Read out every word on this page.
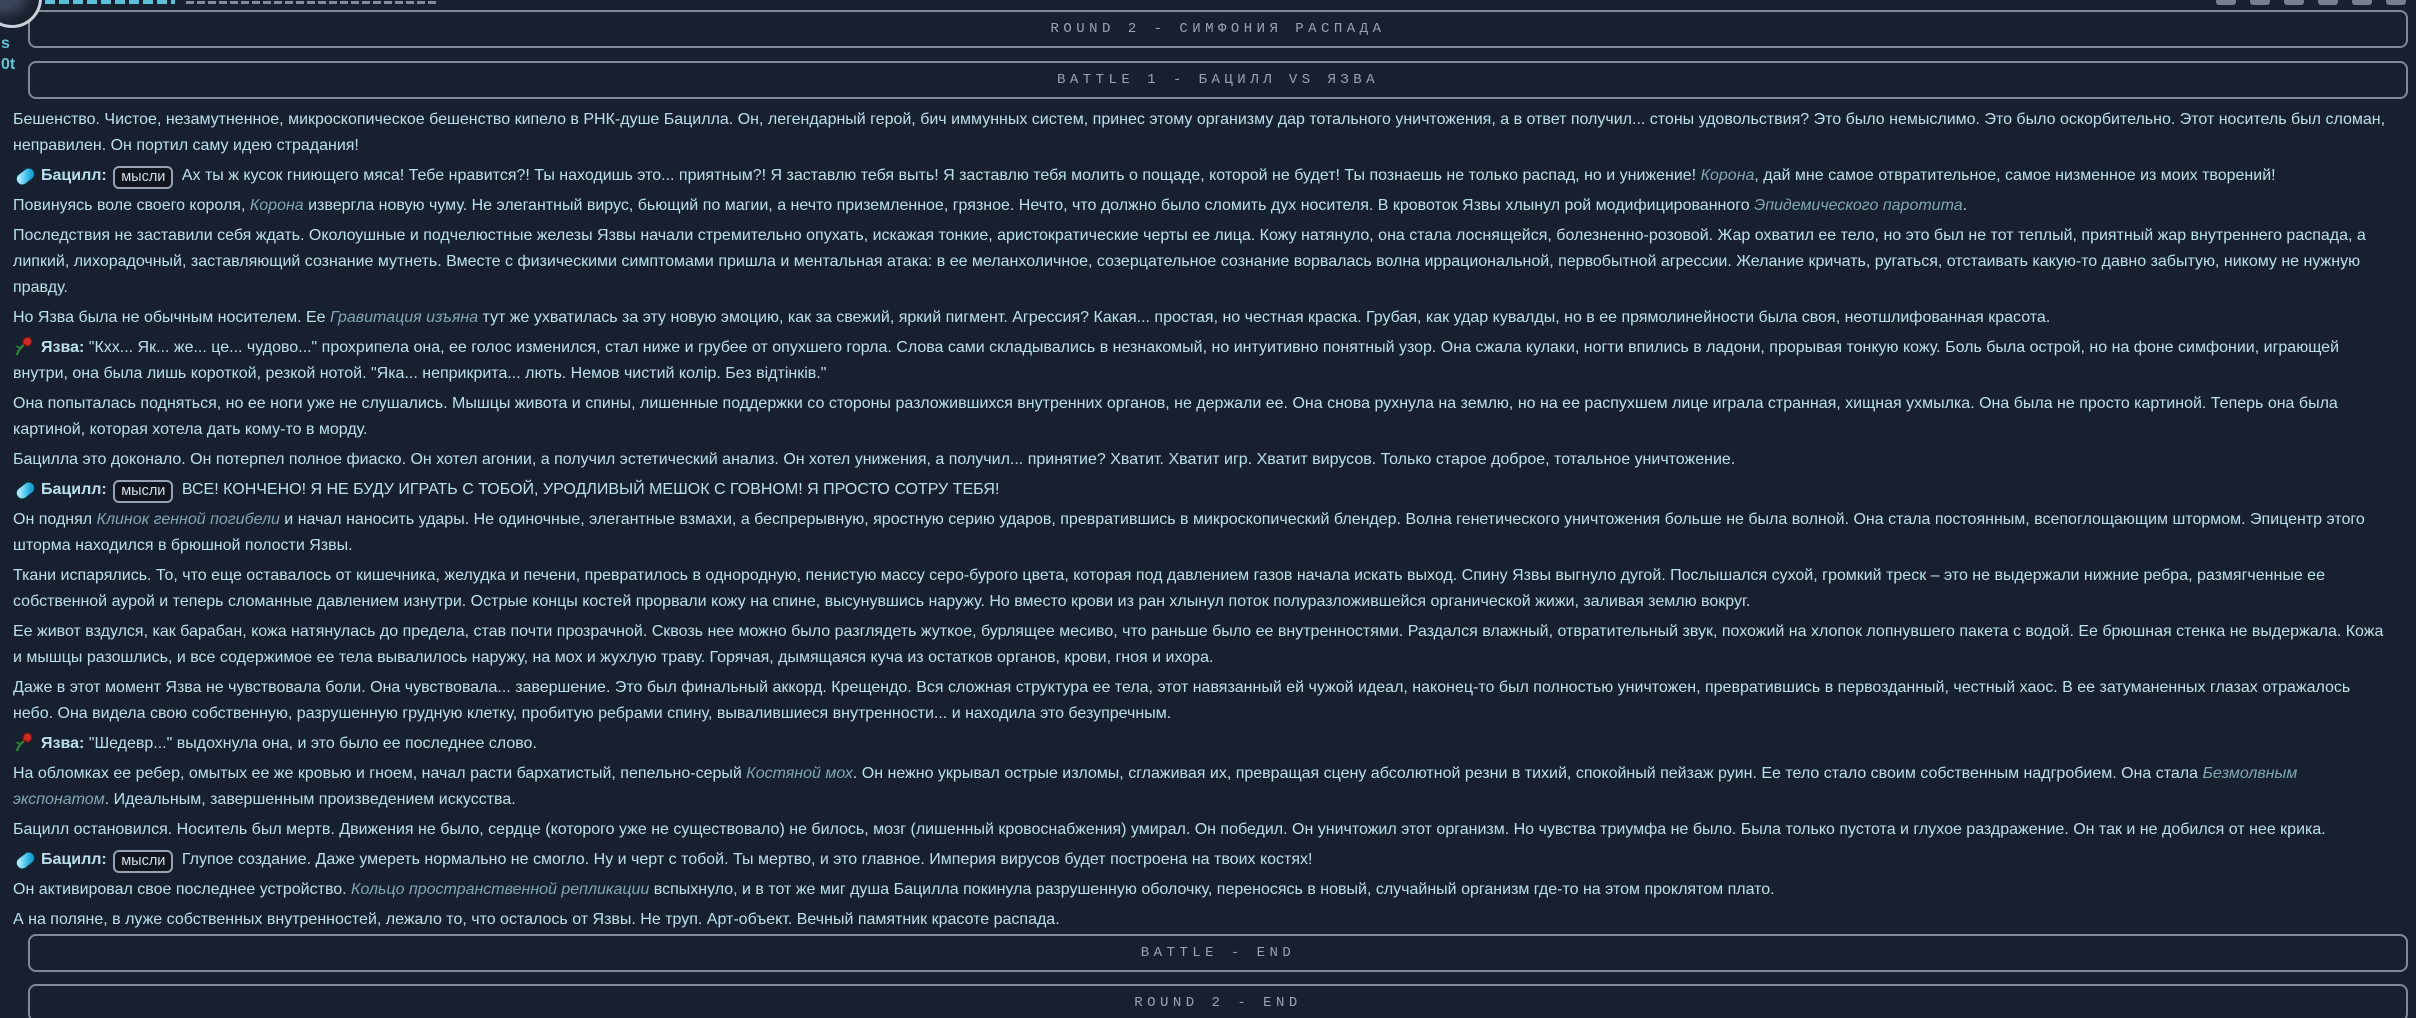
s
0t
ROUND 2 - СИМФОНИЯ РАСПАДА
BATTLE 1 - БАЦИЛЛ VS ЯЗВА

Бешенство. Чистое, незамутненное, микроскопическое бешенство кипело в РНК-душе Бацилла. Он, легендарный герой, бич иммунных систем, принес этому организму дар тотального уничтожения, а в ответ получил... стоны удовольствия? Это было немыслимо. Это было оскорбительно. Этот носитель был сломан, неправилен. Он портил саму идею страдания!

Бацилл: мысли Ах ты ж кусок гниющего мяса! Тебе нравится?! Ты находишь это... приятным?! Я заставлю тебя выть! Я заставлю тебя молить о пощаде, которой не будет! Ты познаешь не только распад, но и унижение! Корона, дай мне самое отвратительное, самое низменное из моих творений!

Повинуясь воле своего короля, Корона извергла новую чуму. Не элегантный вирус, бьющий по магии, а нечто приземленное, грязное. Нечто, что должно было сломить дух носителя. В кровоток Язвы хлынул рой модифицированного Эпидемического паротита.

Последствия не заставили себя ждать. Околоушные и подчелюстные железы Язвы начали стремительно опухать, искажая тонкие, аристократические черты ее лица. Кожу натянуло, она стала лоснящейся, болезненно-розовой. Жар охватил ее тело, но это был не тот теплый, приятный жар внутреннего распада, а липкий, лихорадочный, заставляющий сознание мутнеть. Вместе с физическими симптомами пришла и ментальная атака: в ее меланхоличное, созерцательное сознание ворвалась волна иррациональной, первобытной агрессии. Желание кричать, ругаться, отстаивать какую-то давно забытую, никому не нужную правду.

Но Язва была не обычным носителем. Ее Гравитация изъяна тут же ухватилась за эту новую эмоцию, как за свежий, яркий пигмент. Агрессия? Какая... простая, но честная краска. Грубая, как удар кувалды, но в ее прямолинейности была своя, неотшлифованная красота.

Язва: "Кхх... Як... же... це... чудово..." прохрипела она, ее голос изменился, стал ниже и грубее от опухшего горла. Слова сами складывались в незнакомый, но интуитивно понятный узор. Она сжала кулаки, ногти впились в ладони, прорывая тонкую кожу. Боль была острой, но на фоне симфонии, играющей внутри, она была лишь короткой, резкой нотой. "Яка... неприкрита... лють. Немов чистий колір. Без відтінків."

Она попыталась подняться, но ее ноги уже не слушались. Мышцы живота и спины, лишенные поддержки со стороны разложившихся внутренних органов, не держали ее. Она снова рухнула на землю, но на ее распухшем лице играла странная, хищная ухмылка. Она была не просто картиной. Теперь она была картиной, которая хотела дать кому-то в морду.

Бацилла это доконало. Он потерпел полное фиаско. Он хотел агонии, а получил эстетический анализ. Он хотел унижения, а получил... принятие? Хватит. Хватит игр. Хватит вирусов. Только старое доброе, тотальное уничтожение.

Бацилл: мысли ВСЕ! КОНЧЕНО! Я НЕ БУДУ ИГРАТЬ С ТОБОЙ, УРОДЛИВЫЙ МЕШОК С ГОВНОМ! Я ПРОСТО СОТРУ ТЕБЯ!

Он поднял Клинок генной погибели и начал наносить удары. Не одиночные, элегантные взмахи, а беспрерывную, яростную серию ударов, превратившись в микроскопический блендер. Волна генетического уничтожения больше не была волной. Она стала постоянным, всепоглощающим штормом. Эпицентр этого шторма находился в брюшной полости Язвы.

Ткани испарялись. То, что еще оставалось от кишечника, желудка и печени, превратилось в однородную, пенистую массу серо-бурого цвета, которая под давлением газов начала искать выход. Спину Язвы выгнуло дугой. Послышался сухой, громкий треск – это не выдержали нижние ребра, размягченные ее собственной аурой и теперь сломанные давлением изнутри. Острые концы костей прорвали кожу на спине, высунувшись наружу. Но вместо крови из ран хлынул поток полуразложившейся органической жижи, заливая землю вокруг.

Ее живот вздулся, как барабан, кожа натянулась до предела, став почти прозрачной. Сквозь нее можно было разглядеть жуткое, бурлящее месиво, что раньше было ее внутренностями. Раздался влажный, отвратительный звук, похожий на хлопок лопнувшего пакета с водой. Ее брюшная стенка не выдержала. Кожа и мышцы разошлись, и все содержимое ее тела вывалилось наружу, на мох и жухлую траву. Горячая, дымящаяся куча из остатков органов, крови, гноя и ихора.

Даже в этот момент Язва не чувствовала боли. Она чувствовала... завершение. Это был финальный аккорд. Крещендо. Вся сложная структура ее тела, этот навязанный ей чужой идеал, наконец-то был полностью уничтожен, превратившись в первозданный, честный хаос. В ее затуманенных глазах отражалось небо. Она видела свою собственную, разрушенную грудную клетку, пробитую ребрами спину, вывалившиеся внутренности... и находила это безупречным.

Язва: "Шедевр..." выдохнула она, и это было ее последнее слово.

На обломках ее ребер, омытых ее же кровью и гноем, начал расти бархатистый, пепельно-серый Костяной мох. Он нежно укрывал острые изломы, сглаживая их, превращая сцену абсолютной резни в тихий, спокойный пейзаж руин. Ее тело стало своим собственным надгробием. Она стала Безмолвным экспонатом. Идеальным, завершенным произведением искусства.

Бацилл остановился. Носитель был мертв. Движения не было, сердце (которого уже не существовало) не билось, мозг (лишенный кровоснабжения) умирал. Он победил. Он уничтожил этот организм. Но чувства триумфа не было. Была только пустота и глухое раздражение. Он так и не добился от нее крика.

Бацилл: мысли Глупое создание. Даже умереть нормально не смогло. Ну и черт с тобой. Ты мертво, и это главное. Империя вирусов будет построена на твоих костях!

Он активировал свое последнее устройство. Кольцо пространственной репликации вспыхнуло, и в тот же миг душа Бацилла покинула разрушенную оболочку, переносясь в новый, случайный организм где-то на этом проклятом плато.

А на поляне, в луже собственных внутренностей, лежало то, что осталось от Язвы. Не труп. Арт-объект. Вечный памятник красоте распада.

BATTLE - END
ROUND 2 - END
